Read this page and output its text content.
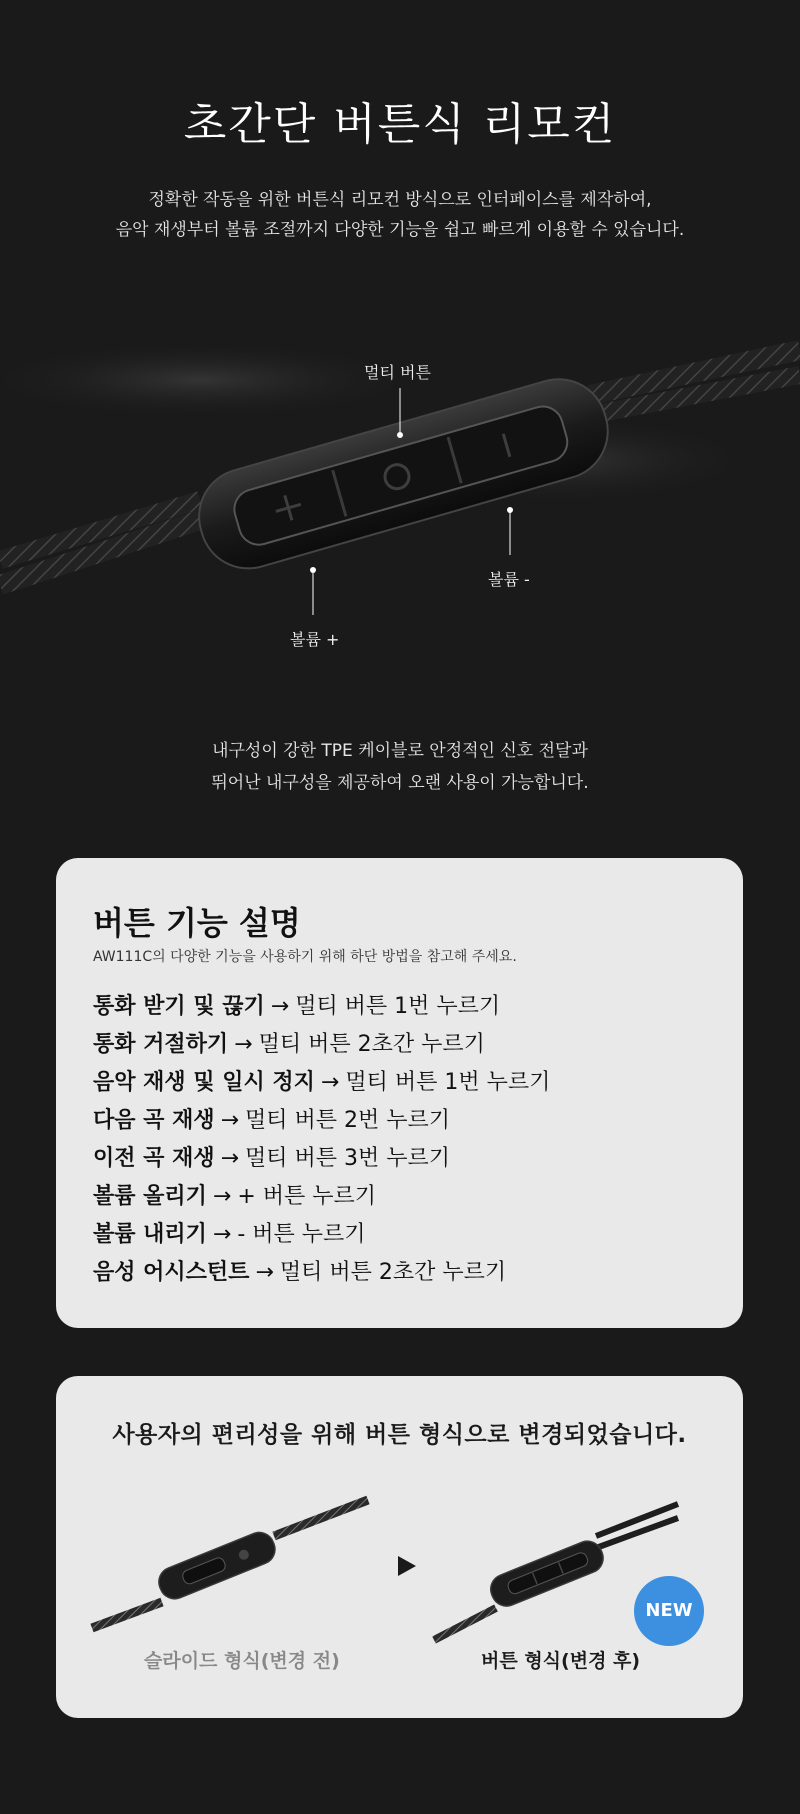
초간단 버튼식 리모컨
정확한 작동을 위한 버튼식 리모컨 방식으로 인터페이스를 제작하여,
음악 재생부터 볼륨 조절까지 다양한 기능을 쉽고 빠르게 이용할 수 있습니다.
멀티 버튼
볼륨 -
볼륨 +
내구성이 강한 TPE 케이블로 안정적인 신호 전달과
뛰어난 내구성을 제공하여 오랜 사용이 가능합니다.
버튼 기능 설명

AW111C의 다양한 기능을 사용하기 위해 하단 방법을 참고해 주세요.

통화 받기 및 끊기 → 멀티 버튼 1번 누르기
통화 거절하기 → 멀티 버튼 2초간 누르기
음악 재생 및 일시 정지 → 멀티 버튼 1번 누르기
다음 곡 재생 → 멀티 버튼 2번 누르기
이전 곡 재생 → 멀티 버튼 3번 누르기
볼륨 올리기 → + 버튼 누르기
볼륨 내리기 → - 버튼 누르기
음성 어시스턴트 → 멀티 버튼 2초간 누르기
사용자의 편리성을 위해 버튼 형식으로 변경되었습니다.
NEW
슬라이드 형식(변경 전)	버튼 형식(변경 후)
